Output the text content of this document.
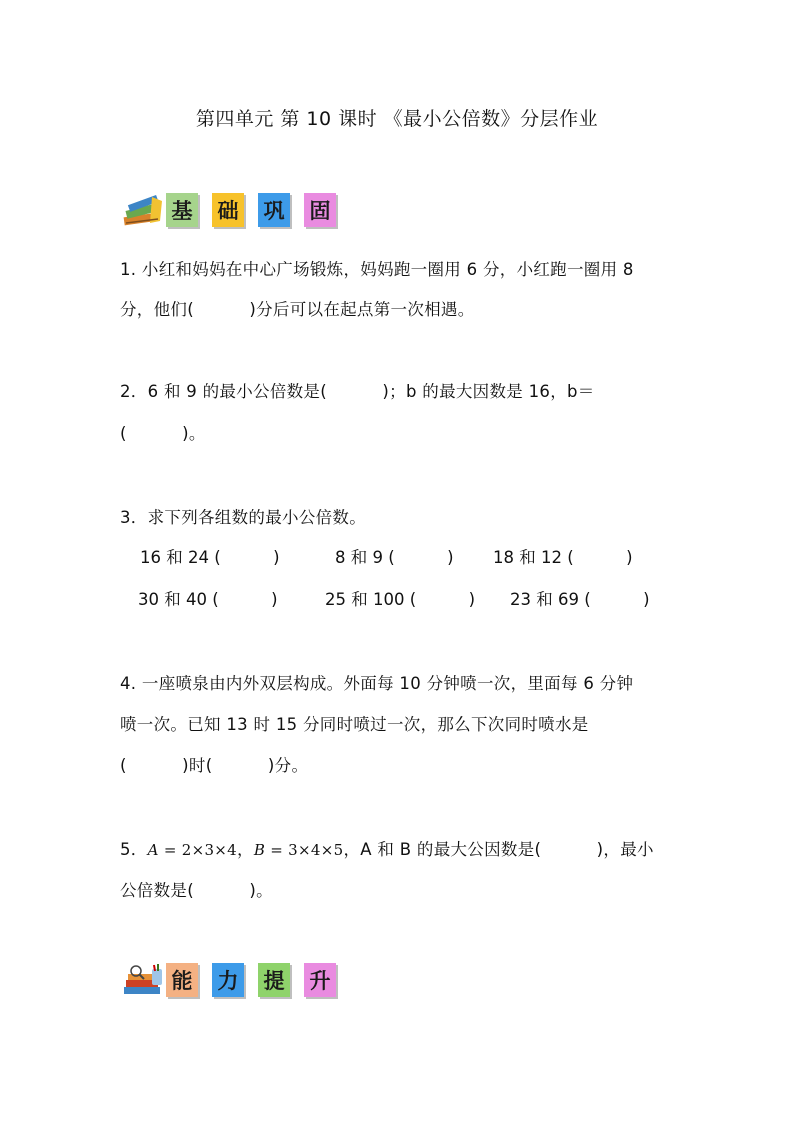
第四单元 第 10 课时 《最小公倍数》分层作业
基 础 巩 固
1. 小红和妈妈在中心广场锻炼，妈妈跑一圈用 6 分，小红跑一圈用 8
分，他们(          )分后可以在起点第一次相遇。
2．6 和 9 的最小公倍数是(          )；b 的最大因数是 16，b＝
(          )。
3．求下列各组数的最小公倍数。
16 和 24 (          )	8 和 9 (          ) 18 和 12 (          )
30 和 40 (          )	25 和 100 (          ) 23 和 69 (          )
4. 一座喷泉由内外双层构成。外面每 10 分钟喷一次，里面每 6 分钟
喷一次。已知 13 时 15 分同时喷过一次，那么下次同时喷水是
(          )时(          )分。
5．A = 2×3×4，B = 3×4×5，A 和 B 的最大公因数是(          )，最小
公倍数是(          )。
能 力 提 升
